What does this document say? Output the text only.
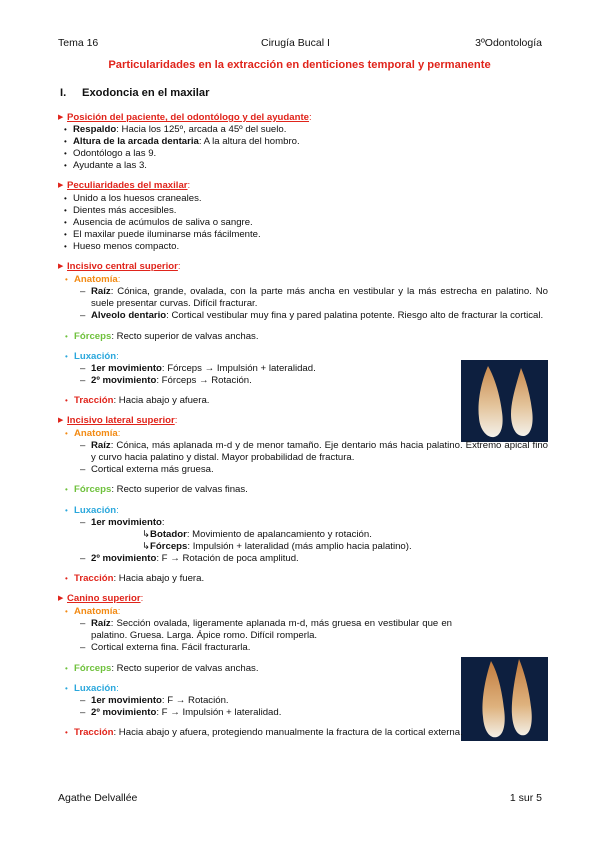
Tema 16	Cirugía Bucal I	3ºOdontología
Particularidades en la extracción en denticiones temporal y permanente
I. Exodoncia en el maxilar
▶ Posición del paciente, del odontólogo y del ayudante:
• Respaldo: Hacia los 125º, arcada a 45º del suelo.
• Altura de la arcada dentaria: A la altura del hombro.
• Odontólogo a las 9.
• Ayudante a las 3.
▶ Peculiaridades del maxilar:
• Unido a los huesos craneales.
• Dientes más accesibles.
• Ausencia de acúmulos de saliva o sangre.
• El maxilar puede iluminarse más fácilmente.
• Hueso menos compacto.
▶ Incisivo central superior:
• Anatomía:
– Raíz: Cónica, grande, ovalada, con la parte más ancha en vestibular y la más estrecha en palatino. No suele presentar curvas. Difícil fracturar.
– Alveolo dentario: Cortical vestibular muy fina y pared palatina potente. Riesgo alto de fracturar la cortical.
• Fórceps: Recto superior de valvas anchas.
• Luxación:
– 1er movimiento: Fórceps → Impulsión + lateralidad.
– 2º movimiento: Fórceps → Rotación.
• Tracción: Hacia abajo y afuera.
▶ Incisivo lateral superior:
• Anatomía:
– Raíz: Cónica, más aplanada m-d y de menor tamaño. Eje dentario más hacia palatino. Extremo apical fino y curvo hacia palatino y distal. Mayor probabilidad de fractura.
– Cortical externa más gruesa.
• Fórceps: Recto superior de valvas finas.
• Luxación:
– 1er movimiento:
↳Botador: Movimiento de apalancamiento y rotación.
↳Fórceps: Impulsión + lateralidad (más amplio hacia palatino).
– 2º movimiento: F → Rotación de poca amplitud.
• Tracción: Hacia abajo y fuera.
▶ Canino superior:
• Anatomía:
– Raíz: Sección ovalada, ligeramente aplanada m-d, más gruesa en vestibular que en palatino. Gruesa. Larga. Ápice romo. Difícil romperla.
– Cortical externa fina. Fácil fracturarla.
• Fórceps: Recto superior de valvas anchas.
• Luxación:
– 1er movimiento: F → Rotación.
– 2º movimiento: F → Impulsión + lateralidad.
• Tracción: Hacia abajo y afuera, protegiendo manualmente la fractura de la cortical externa.
Agathe Delvallée	1 sur 5
